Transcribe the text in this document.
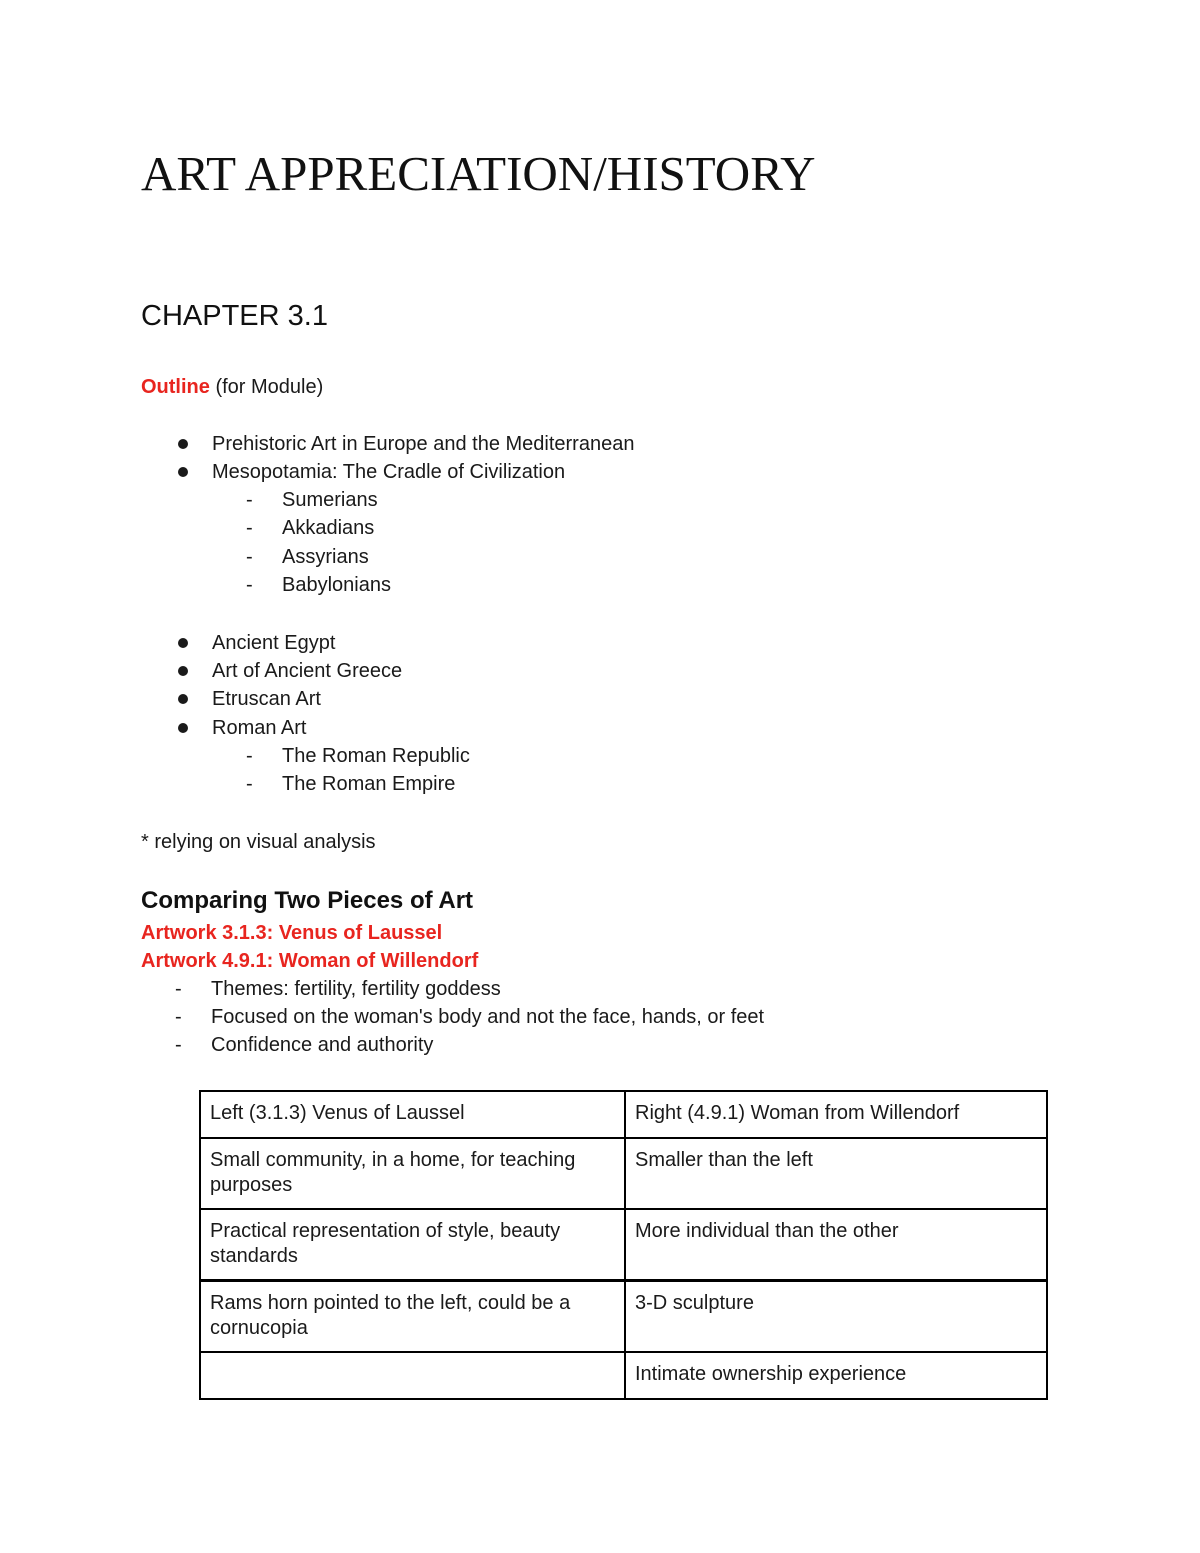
ART APPRECIATION/HISTORY
CHAPTER 3.1
Outline (for Module)
Prehistoric Art in Europe and the Mediterranean
Mesopotamia: The Cradle of Civilization
- Sumerians
- Akkadians
- Assyrians
- Babylonians
Ancient Egypt
Art of Ancient Greece
Etruscan Art
Roman Art
- The Roman Republic
- The Roman Empire
* relying on visual analysis
Comparing Two Pieces of Art
Artwork 3.1.3: Venus of Laussel
Artwork 4.9.1: Woman of Willendorf
- Themes: fertility, fertility goddess
- Focused on the woman's body and not the face, hands, or feet
- Confidence and authority
Left (3.1.3) Venus of Laussel	Right (4.9.1) Woman from Willendorf
Small community, in a home, for teaching purposes	Smaller than the left
Practical representation of style, beauty standards	More individual than the other
Rams horn pointed to the left, could be a cornucopia	3-D sculpture
	Intimate ownership experience
